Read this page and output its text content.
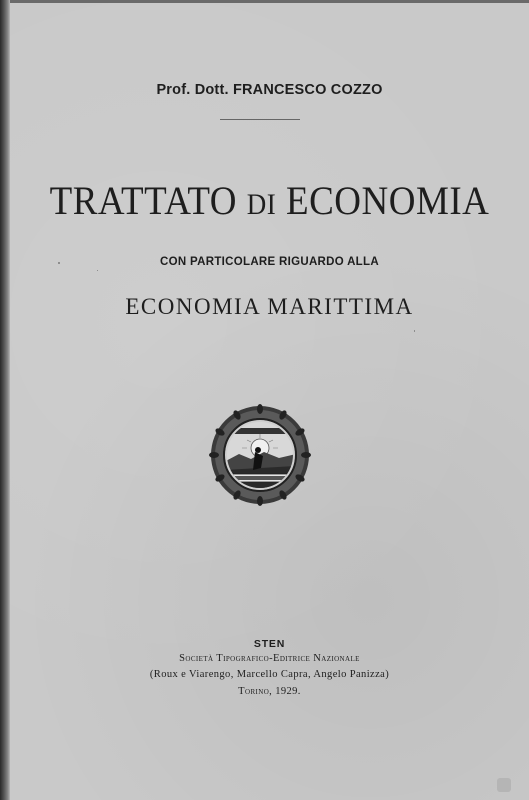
Prof. Dott. FRANCESCO COZZO
TRATTATO DI ECONOMIA
CON PARTICOLARE RIGUARDO ALLA
ECONOMIA MARITTIMA
STEN
Società Tipografico-Editrice Nazionale
(Roux e Viarengo, Marcello Capra, Angelo Panizza)
Torino, 1929.
